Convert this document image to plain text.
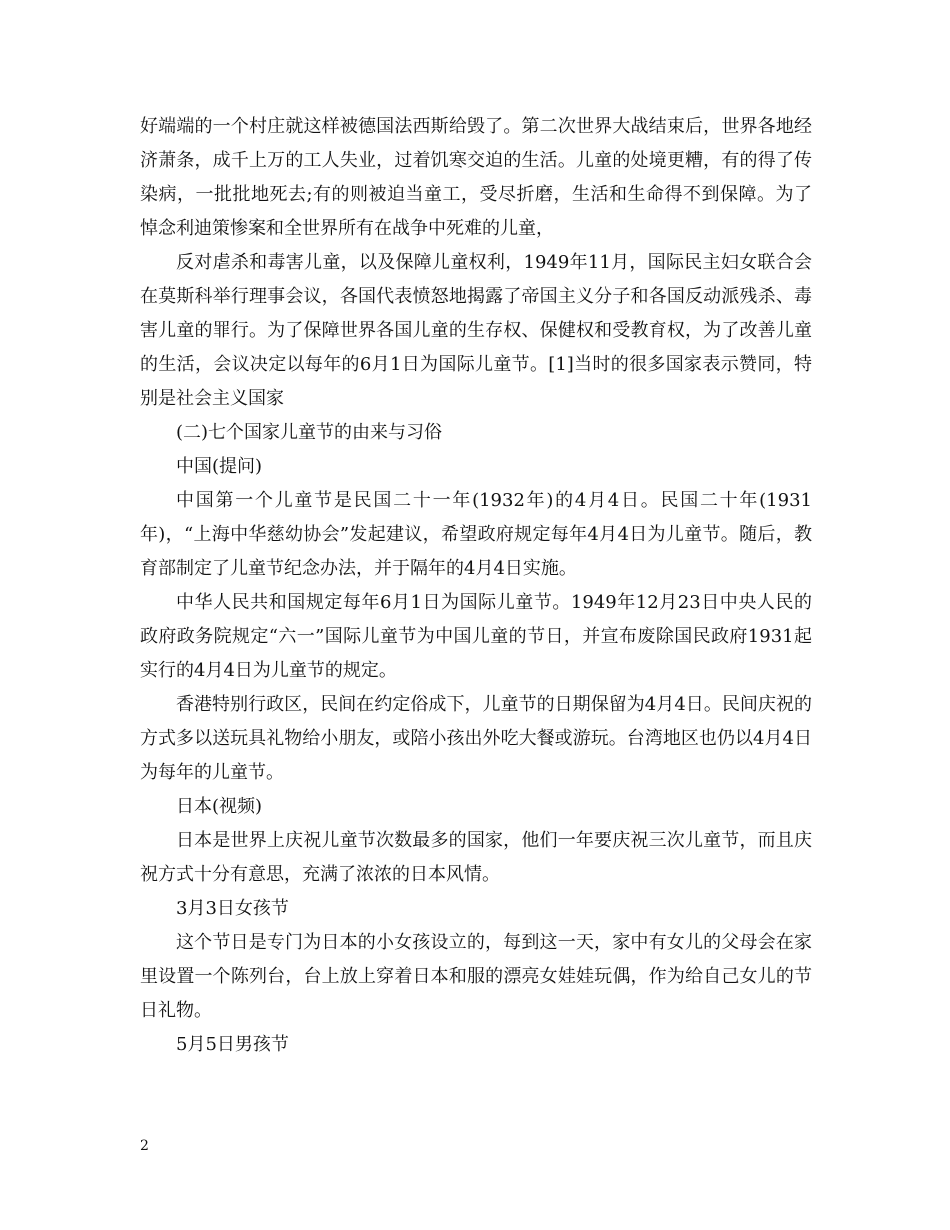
好端端的一个村庄就这样被德国法西斯给毁了。第二次世界大战结束后，世界各地经济萧条，成千上万的工人失业，过着饥寒交迫的生活。儿童的处境更糟，有的得了传染病，一批批地死去;有的则被迫当童工，受尽折磨，生活和生命得不到保障。为了悼念利迪策惨案和全世界所有在战争中死难的儿童，

反对虐杀和毒害儿童，以及保障儿童权利，1949年11月，国际民主妇女联合会在莫斯科举行理事会议，各国代表愤怒地揭露了帝国主义分子和各国反动派残杀、毒害儿童的罪行。为了保障世界各国儿童的生存权、保健权和受教育权，为了改善儿童的生活，会议决定以每年的6月1日为国际儿童节。[1]当时的很多国家表示赞同，特别是社会主义国家

(二)七个国家儿童节的由来与习俗

中国(提问)

中国第一个儿童节是民国二十一年(1932年)的4月4日。民国二十年(1931年)，“上海中华慈幼协会”发起建议，希望政府规定每年4月4日为儿童节。随后，教育部制定了儿童节纪念办法，并于隔年的4月4日实施。

中华人民共和国规定每年6月1日为国际儿童节。1949年12月23日中央人民的政府政务院规定“六一”国际儿童节为中国儿童的节日，并宣布废除国民政府1931起实行的4月4日为儿童节的规定。

香港特别行政区，民间在约定俗成下，儿童节的日期保留为4月4日。民间庆祝的方式多以送玩具礼物给小朋友，或陪小孩出外吃大餐或游玩。台湾地区也仍以4月4日为每年的儿童节。

日本(视频)

日本是世界上庆祝儿童节次数最多的国家，他们一年要庆祝三次儿童节，而且庆祝方式十分有意思，充满了浓浓的日本风情。

3月3日女孩节

这个节日是专门为日本的小女孩设立的，每到这一天，家中有女儿的父母会在家里设置一个陈列台，台上放上穿着日本和服的漂亮女娃娃玩偶，作为给自己女儿的节日礼物。

5月5日男孩节

2
